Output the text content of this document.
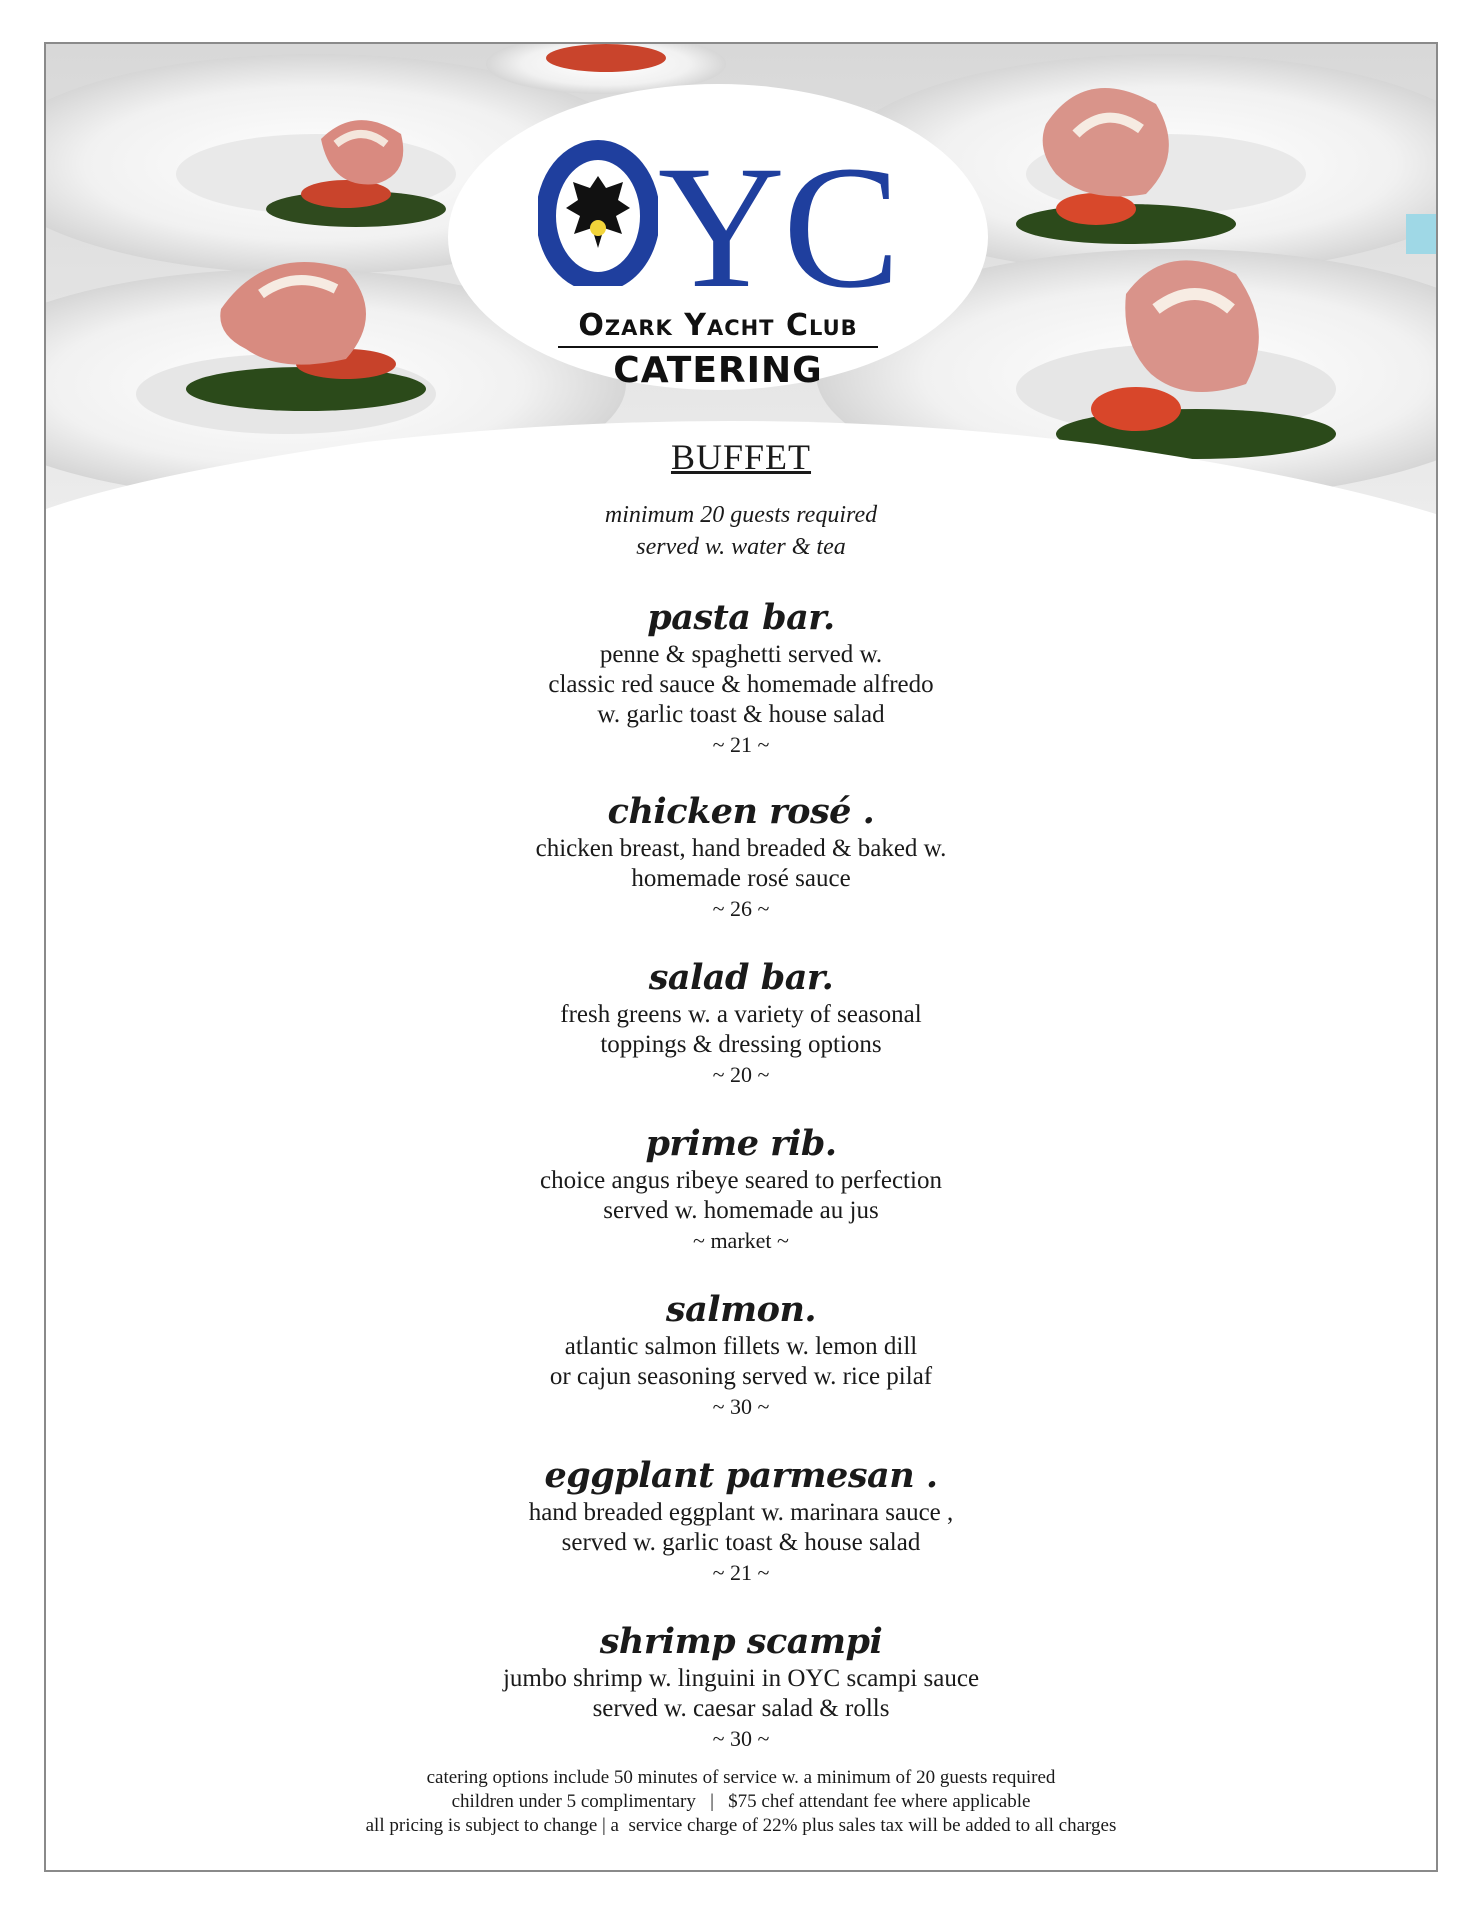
YC
Ozark Yacht Club
CATERING
BUFFET
minimum 20 guests required
served w. water & tea
pasta bar.
penne & spaghetti served w.
classic red sauce & homemade alfredo
w. garlic toast & house salad
~ 21 ~
chicken rosé .
chicken breast, hand breaded & baked w.
homemade rosé sauce
~ 26 ~
salad bar.
fresh greens w. a variety of seasonal
toppings & dressing options
~ 20 ~
prime rib.
choice angus ribeye seared to perfection
served w. homemade au jus
~ market ~
salmon.
atlantic salmon fillets w. lemon dill
or cajun seasoning served w. rice pilaf
~ 30 ~
eggplant parmesan .
hand breaded eggplant w. marinara sauce ,
served w. garlic toast & house salad
~ 21 ~
shrimp scampi
jumbo shrimp w. linguini in OYC scampi sauce
served w. caesar salad & rolls
~ 30 ~
catering options include 50 minutes of service w. a minimum of 20 guests required
children under 5 complimentary   |   $75 chef attendant fee where applicable
all pricing is subject to change | a  service charge of 22% plus sales tax will be added to all charges
